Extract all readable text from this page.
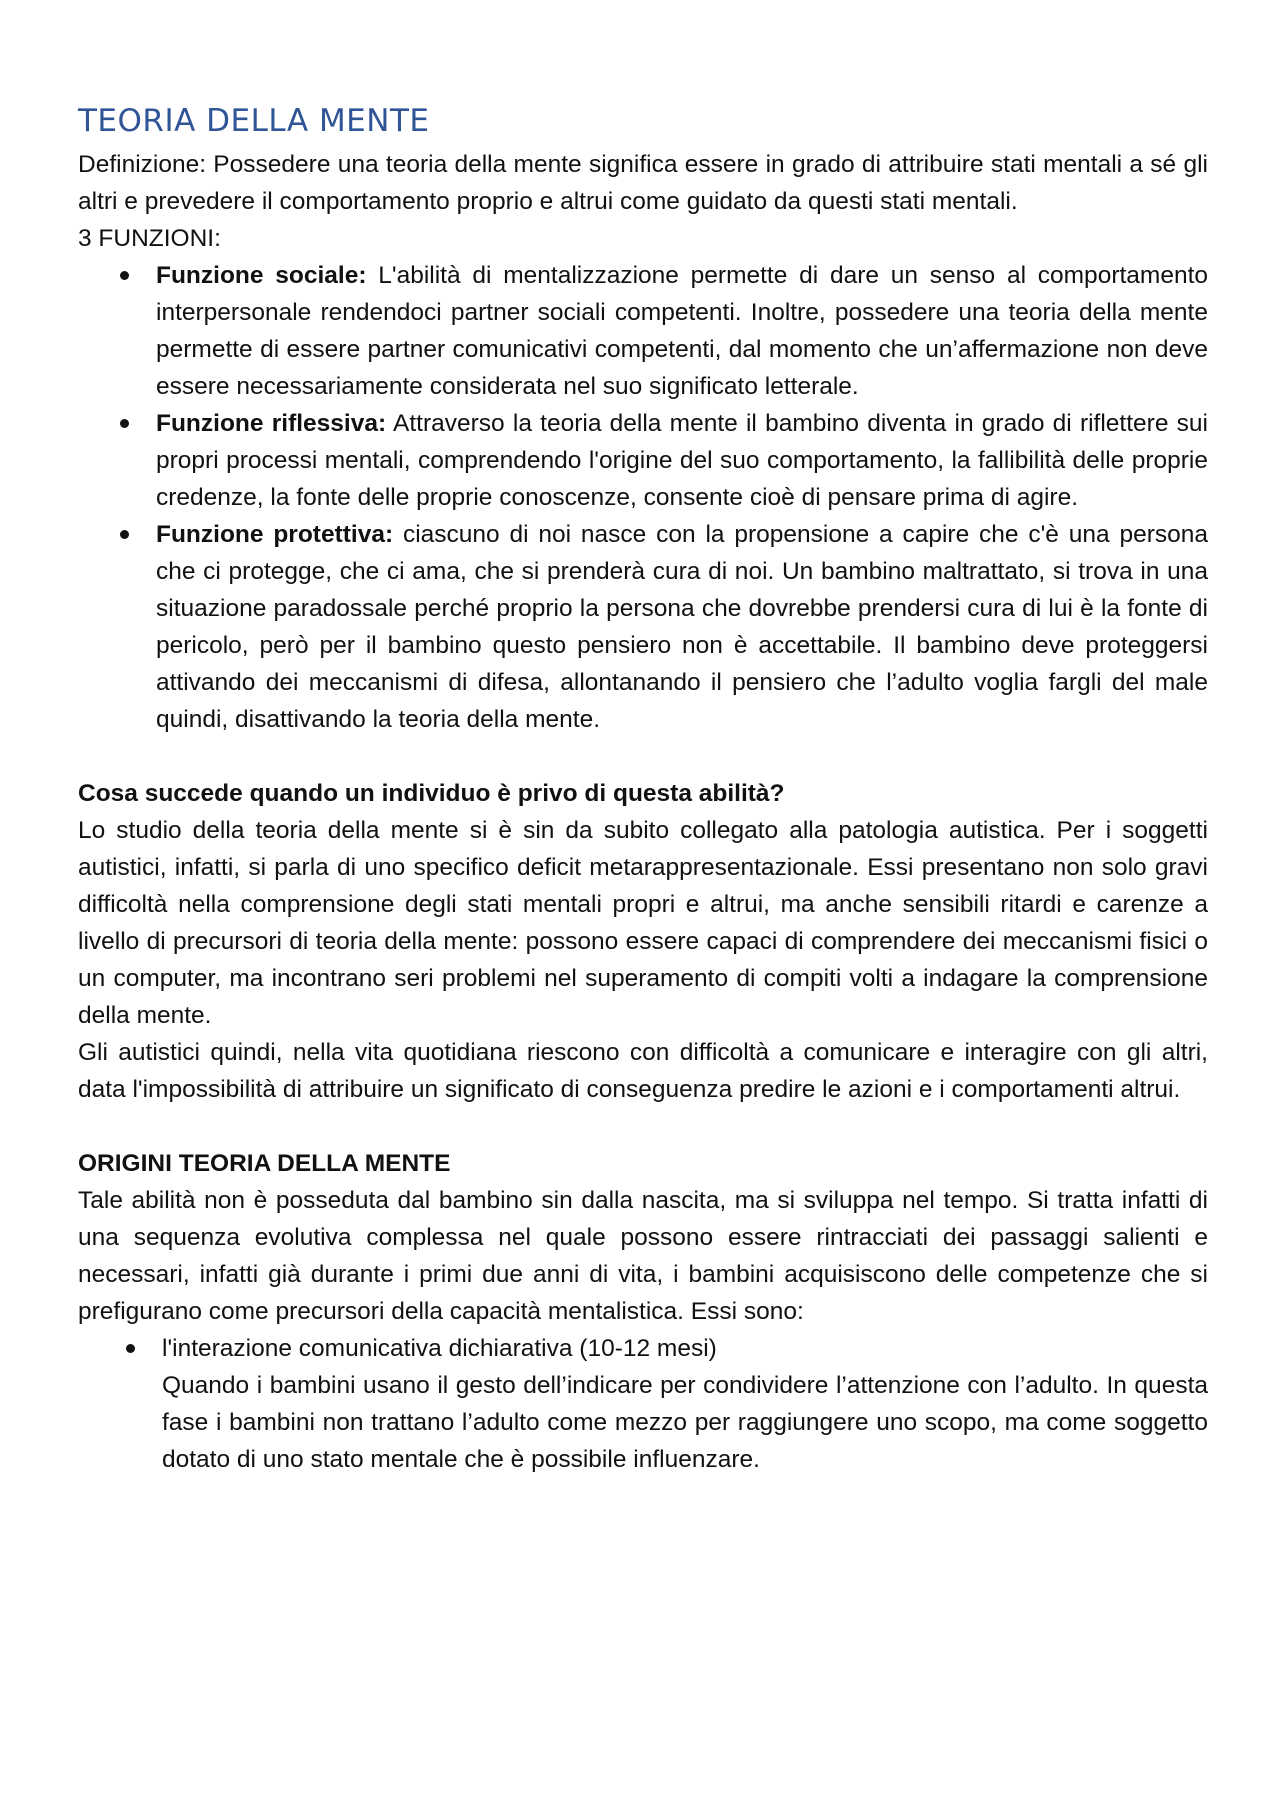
TEORIA DELLA MENTE

Definizione: Possedere una teoria della mente significa essere in grado di attribuire stati mentali a sé gli altri e prevedere il comportamento proprio e altrui come guidato da questi stati mentali.

3 FUNZIONI:

Funzione sociale: L'abilità di mentalizzazione permette di dare un senso al comportamento interpersonale rendendoci partner sociali competenti. Inoltre, possedere una teoria della mente permette di essere partner comunicativi competenti, dal momento che un’affermazione non deve essere necessariamente considerata nel suo significato letterale.
Funzione riflessiva: Attraverso la teoria della mente il bambino diventa in grado di riflettere sui propri processi mentali, comprendendo l'origine del suo comportamento, la fallibilità delle proprie credenze, la fonte delle proprie conoscenze, consente cioè di pensare prima di agire.
Funzione protettiva: ciascuno di noi nasce con la propensione a capire che c'è una persona che ci protegge, che ci ama, che si prenderà cura di noi. Un bambino maltrattato, si trova in una situazione paradossale perché proprio la persona che dovrebbe prendersi cura di lui è la fonte di pericolo, però per il bambino questo pensiero non è accettabile. Il bambino deve proteggersi attivando dei meccanismi di difesa, allontanando il pensiero che l’adulto voglia fargli del male quindi, disattivando la teoria della mente.

Cosa succede quando un individuo è privo di questa abilità?

Lo studio della teoria della mente si è sin da subito collegato alla patologia autistica. Per i soggetti autistici, infatti, si parla di uno specifico deficit metarappresentazionale. Essi presentano non solo gravi difficoltà nella comprensione degli stati mentali propri e altrui, ma anche sensibili ritardi e carenze a livello di precursori di teoria della mente: possono essere capaci di comprendere dei meccanismi fisici o un computer, ma incontrano seri problemi nel superamento di compiti volti a indagare la comprensione della mente.

Gli autistici quindi, nella vita quotidiana riescono con difficoltà a comunicare e interagire con gli altri, data l'impossibilità di attribuire un significato di conseguenza predire le azioni e i comportamenti altrui.

ORIGINI TEORIA DELLA MENTE

Tale abilità non è posseduta dal bambino sin dalla nascita, ma si sviluppa nel tempo. Si tratta infatti di una sequenza evolutiva complessa nel quale possono essere rintracciati dei passaggi salienti e necessari, infatti già durante i primi due anni di vita, i bambini acquisiscono delle competenze che si prefigurano come precursori della capacità mentalistica. Essi sono:

l'interazione comunicativa dichiarativa (10-12 mesi)
Quando i bambini usano il gesto dell’indicare per condividere l’attenzione con l’adulto. In questa fase i bambini non trattano l’adulto come mezzo per raggiungere uno scopo, ma come soggetto dotato di uno stato mentale che è possibile influenzare.
